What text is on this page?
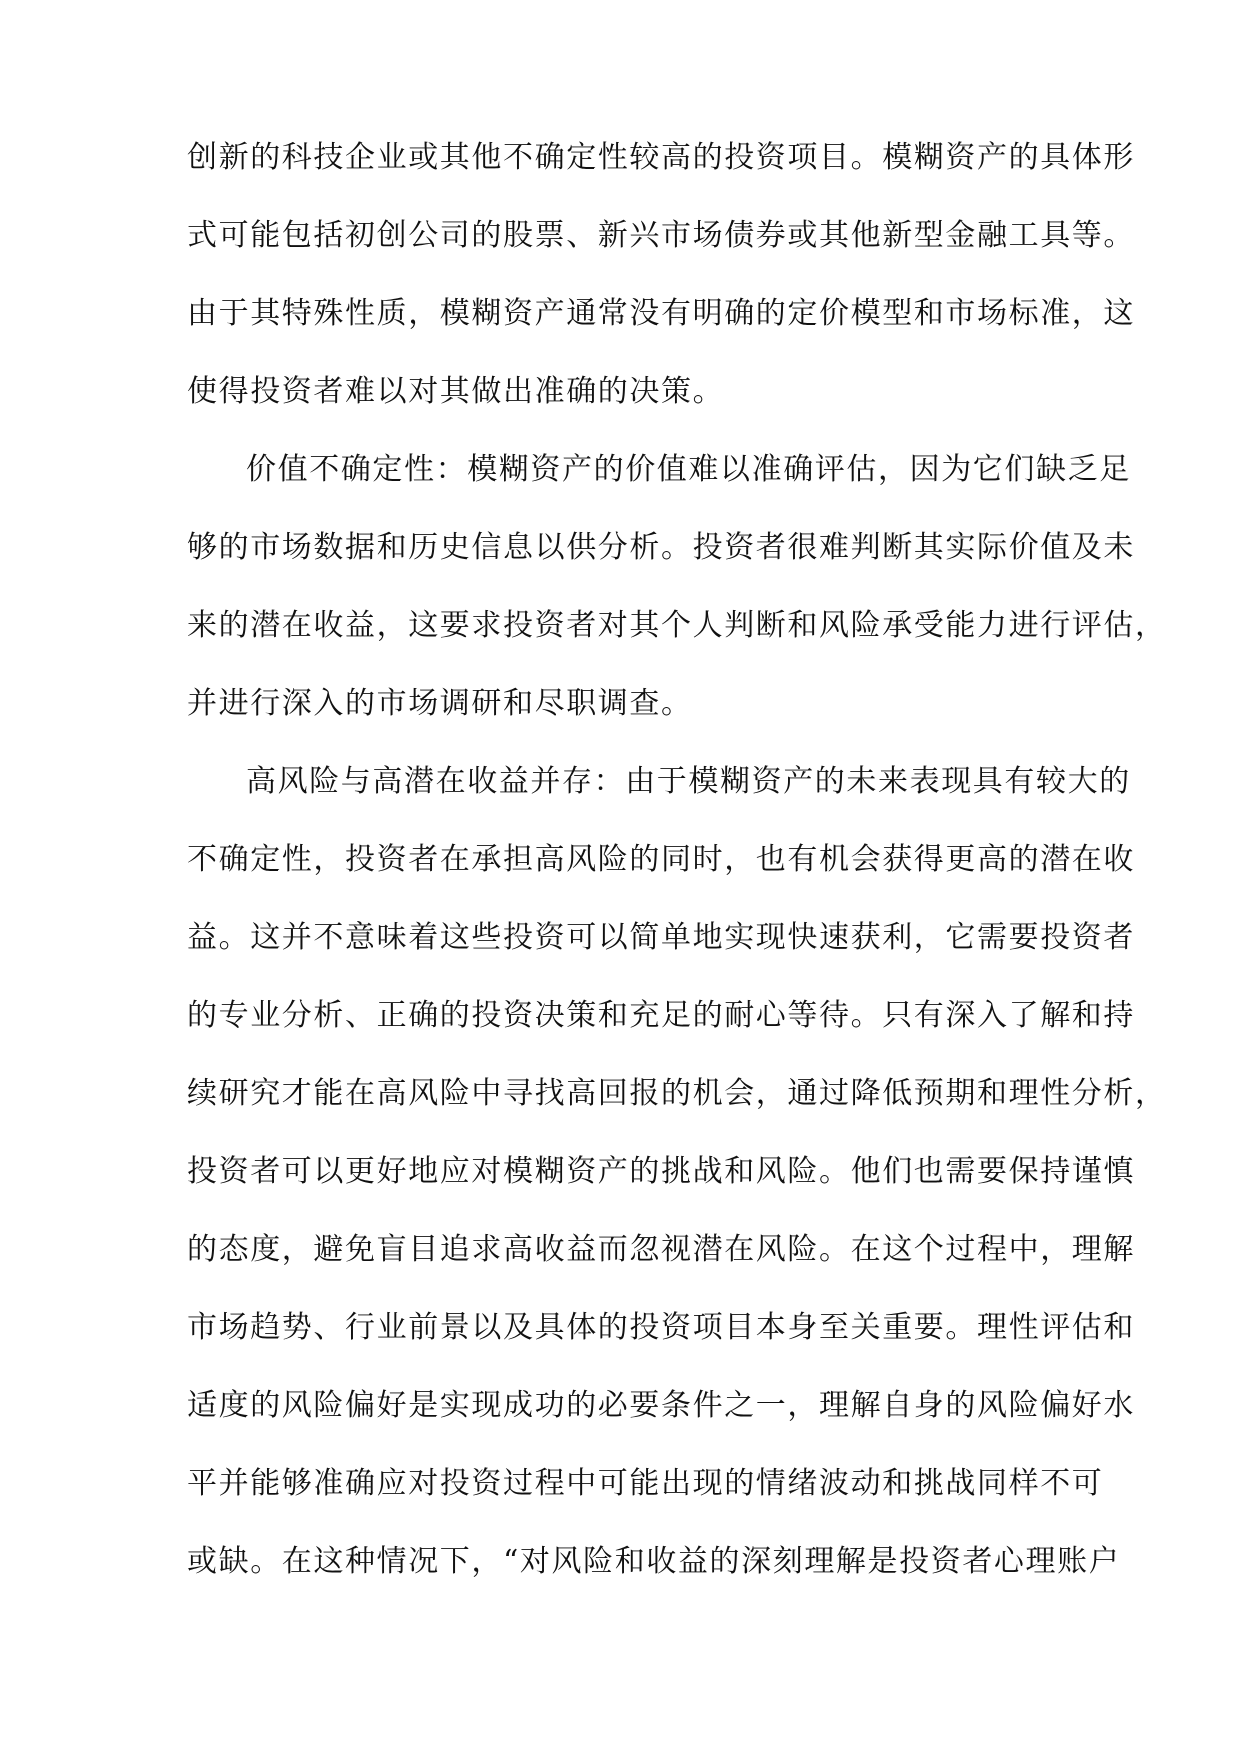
创新的科技企业或其他不确定性较高的投资项目。模糊资产的具体形
式可能包括初创公司的股票、新兴市场债券或其他新型金融工具等。
由于其特殊性质，模糊资产通常没有明确的定价模型和市场标准，这
使得投资者难以对其做出准确的决策。
价值不确定性：模糊资产的价值难以准确评估，因为它们缺乏足
够的市场数据和历史信息以供分析。投资者很难判断其实际价值及未
来的潜在收益，这要求投资者对其个人判断和风险承受能力进行评估，
并进行深入的市场调研和尽职调查。
高风险与高潜在收益并存：由于模糊资产的未来表现具有较大的
不确定性，投资者在承担高风险的同时，也有机会获得更高的潜在收
益。这并不意味着这些投资可以简单地实现快速获利，它需要投资者
的专业分析、正确的投资决策和充足的耐心等待。只有深入了解和持
续研究才能在高风险中寻找高回报的机会，通过降低预期和理性分析，
投资者可以更好地应对模糊资产的挑战和风险。他们也需要保持谨慎
的态度，避免盲目追求高收益而忽视潜在风险。在这个过程中，理解
市场趋势、行业前景以及具体的投资项目本身至关重要。理性评估和
适度的风险偏好是实现成功的必要条件之一，理解自身的风险偏好水
平并能够准确应对投资过程中可能出现的情绪波动和挑战同样不可
或缺。在这种情况下，“对风险和收益的深刻理解是投资者心理账户
